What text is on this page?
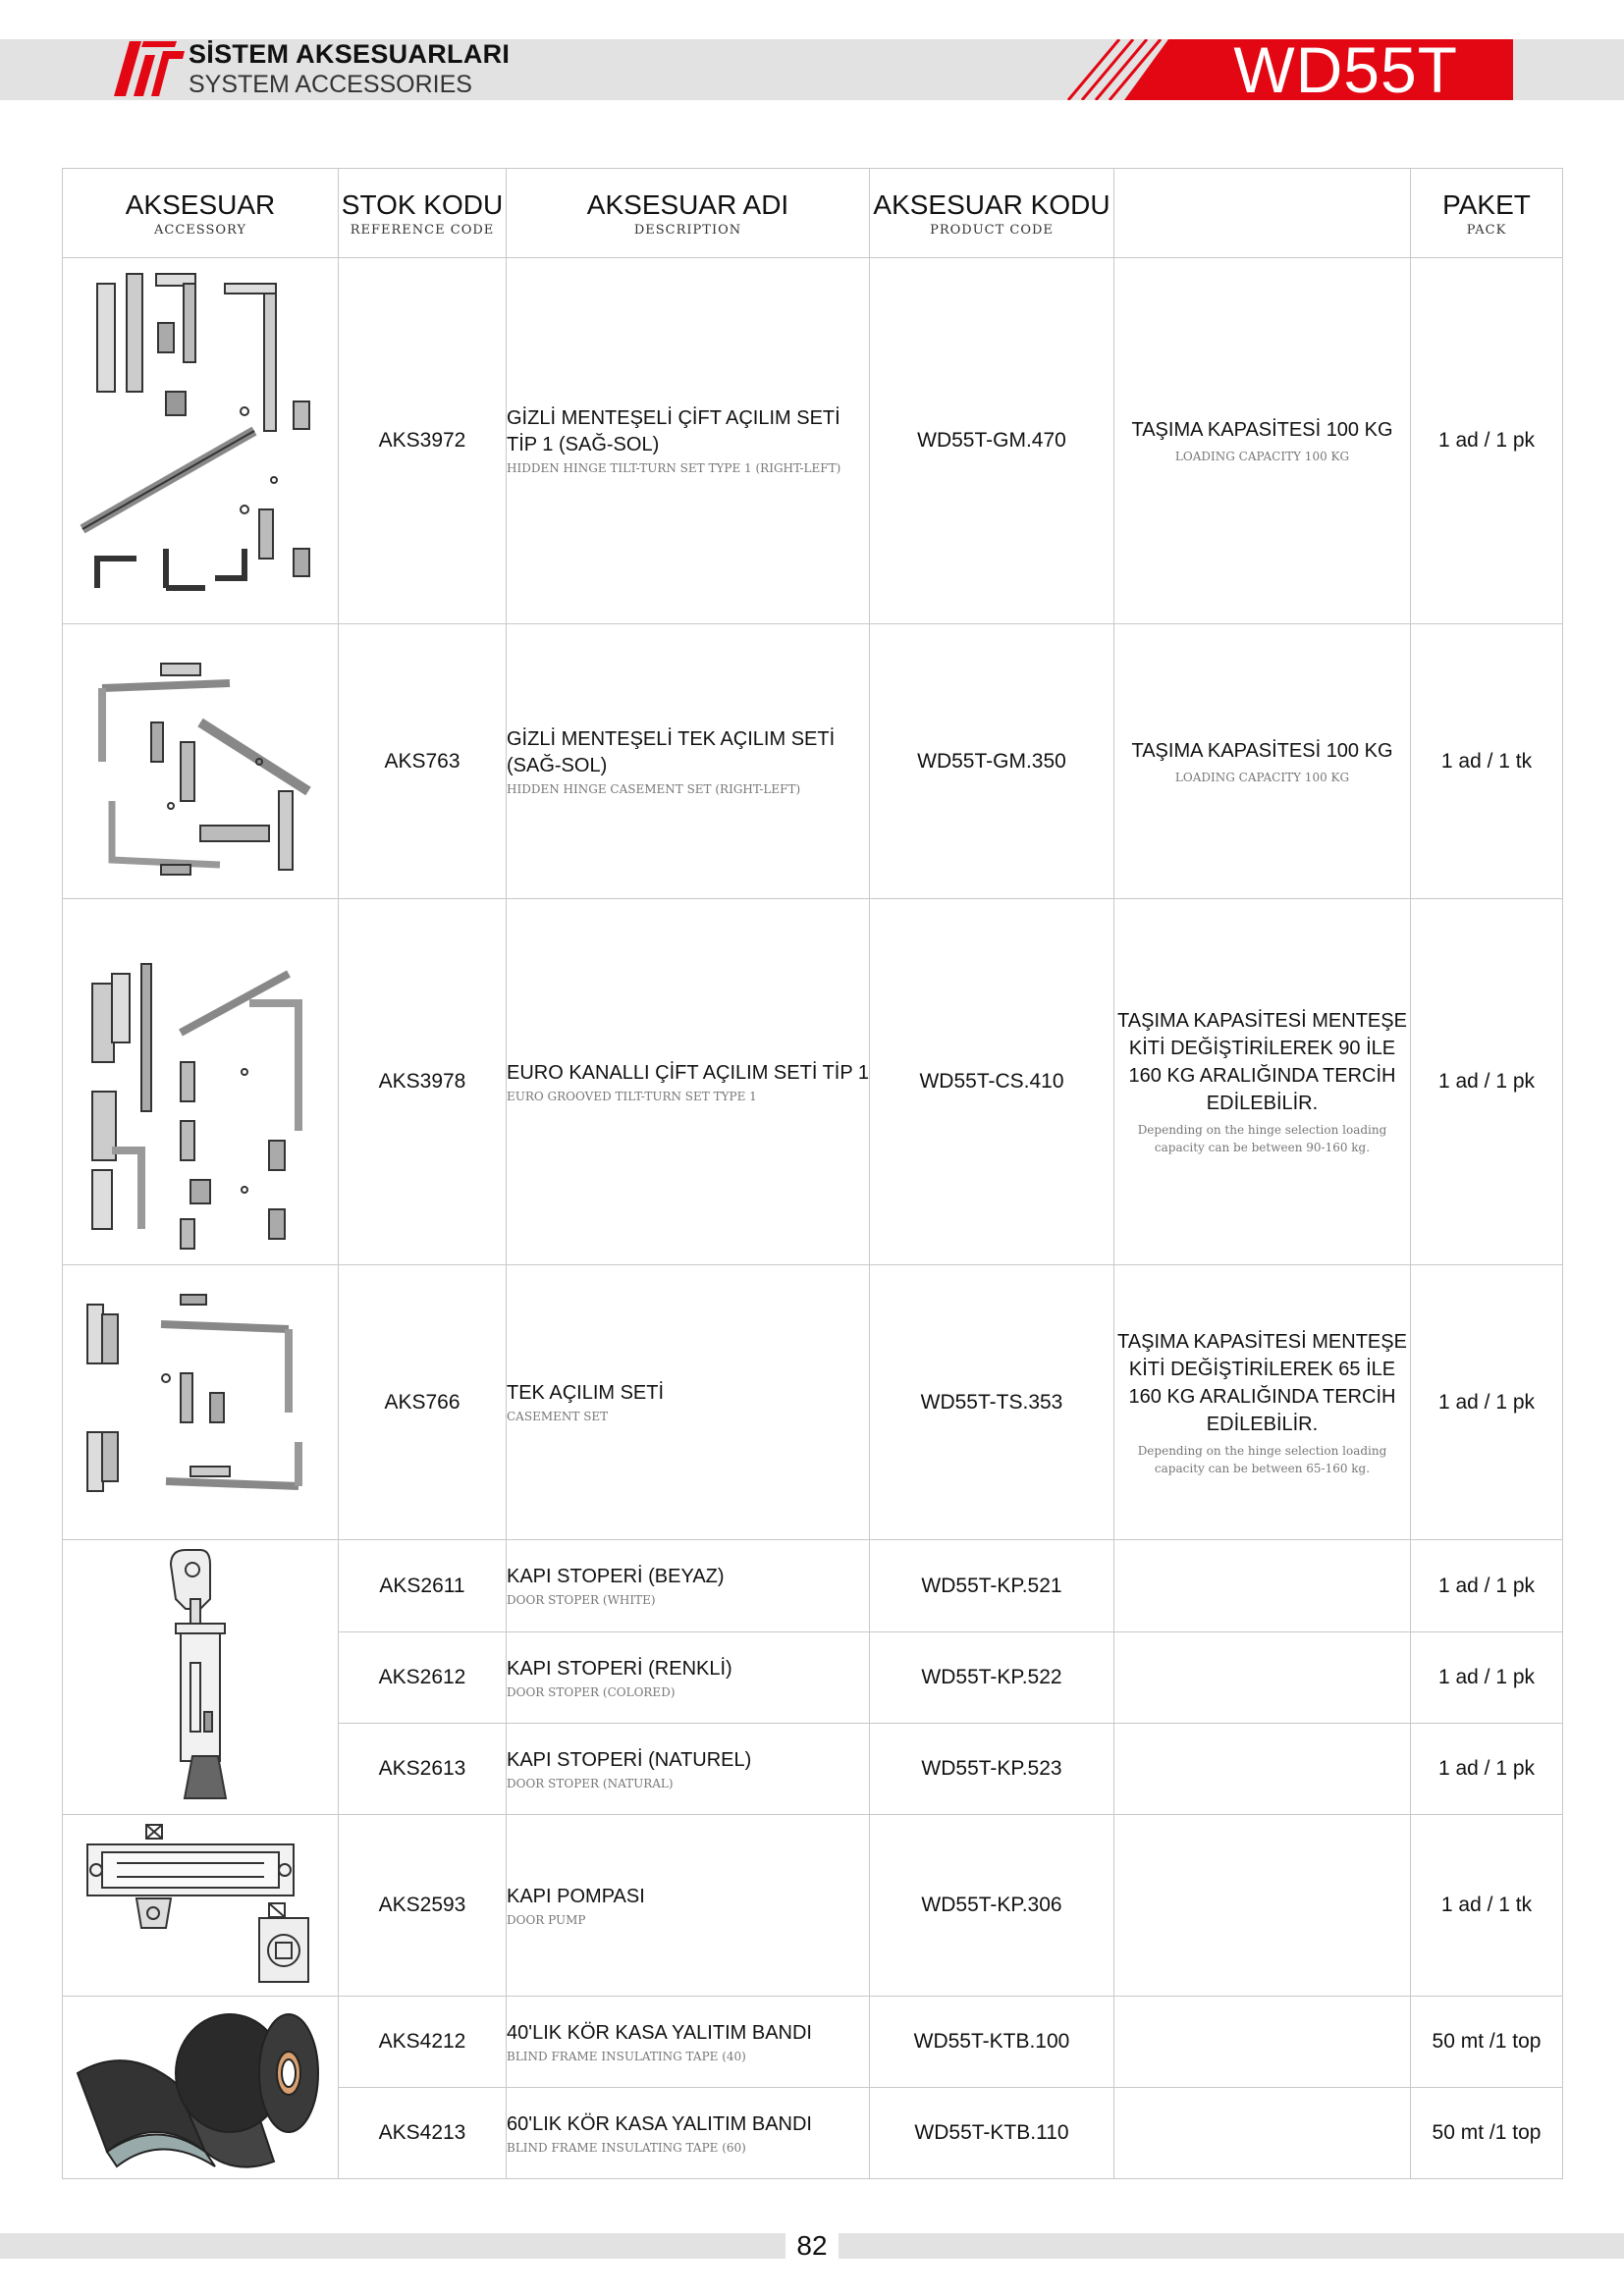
SİSTEM AKSESUARLARI
SYSTEM ACCESSORIES	WD55T
AKSESUAR
ACCESSORY	STOK KODU
REFERENCE CODE	AKSESUAR ADI
DESCRIPTION	AKSESUAR KODU
PRODUCT CODE		PAKET
PACK

	AKS3972	GİZLİ MENTEŞELİ ÇİFT AÇILIM SETİ TİP 1 (SAĞ-SOL)
HIDDEN HINGE TILT-TURN SET TYPE 1 (RIGHT-LEFT)	WD55T-GM.470	TAŞIMA KAPASİTESİ 100 KG
LOADING CAPACITY 100 KG	1 ad / 1 pk

	AKS763	GİZLİ MENTEŞELİ TEK AÇILIM SETİ (SAĞ-SOL)
HIDDEN HINGE CASEMENT SET (RIGHT-LEFT)	WD55T-GM.350	TAŞIMA KAPASİTESİ 100 KG
LOADING CAPACITY 100 KG	1 ad / 1 tk

	AKS3978	EURO KANALLI ÇİFT AÇILIM SETİ TİP 1
EURO GROOVED TILT-TURN SET TYPE 1	WD55T-CS.410	TAŞIMA KAPASİTESİ MENTEŞE KİTİ DEĞİŞTİRİLEREK 90 İLE 160 KG ARALIĞINDA TERCİH EDİLEBİLİR.
Depending on the hinge selection loading capacity can be between 90-160 kg.	1 ad / 1 pk

	AKS766	TEK AÇILIM SETİ
CASEMENT SET	WD55T-TS.353	TAŞIMA KAPASİTESİ MENTEŞE KİTİ DEĞİŞTİRİLEREK 65 İLE 160 KG ARALIĞINDA TERCİH EDİLEBİLİR.
Depending on the hinge selection loading capacity can be between 65-160 kg.	1 ad / 1 pk

	AKS2611	KAPI STOPERİ (BEYAZ)
DOOR STOPER (WHITE)	WD55T-KP.521		1 ad / 1 pk
	AKS2612	KAPI STOPERİ (RENKLİ)
DOOR STOPER (COLORED)	WD55T-KP.522		1 ad / 1 pk
	AKS2613	KAPI STOPERİ (NATUREL)
DOOR STOPER (NATURAL)	WD55T-KP.523		1 ad / 1 pk

	AKS2593	KAPI POMPASI
DOOR PUMP	WD55T-KP.306		1 ad / 1 tk

	AKS4212	40'LIK KÖR KASA YALITIM BANDI
BLIND FRAME INSULATING TAPE (40)	WD55T-KTB.100		50 mt /1 top
	AKS4213	60'LIK KÖR KASA YALITIM BANDI
BLIND FRAME INSULATING TAPE (60)	WD55T-KTB.110		50 mt /1 top
82
